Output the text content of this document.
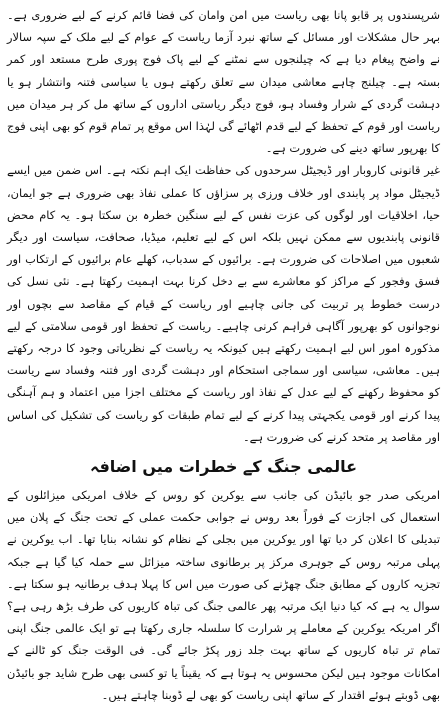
شرپسندوں پر قابو پانا بھی ریاست میں امن وامان کی فضا قائم کرنے کے لیے ضروری ہے۔ بہر حال مشکلات اور مسائل کے ساتھ نبرد آزما ریاست کے عوام کے لیے ملک کے سپہ سالار نے واضح پیغام دیا ہے کہ چیلنجوں سے نمٹنے کے لیے پاک فوج پوری طرح مستعد اور کمر بستہ ہے۔ چیلنج چاہے معاشی میدان سے تعلق رکھتے ہوں یا سیاسی فتنہ وانتشار ہو یا دہشت گردی کے شرار وفساد ہو، فوج دیگر ریاستی اداروں کے ساتھ مل کر ہر میدان میں ریاست اور قوم کے تحفظ کے لیے قدم اٹھائے گی لہٰذا اس موقع پر تمام قوم کو بھی اپنی فوج کا بھرپور ساتھ دینے کی ضرورت ہے۔

غیر قانونی کاروبار اور ڈیجیٹل سرحدوں کی حفاظت ایک اہم نکتہ ہے۔ اس ضمن میں ایسے ڈیجیٹل مواد پر پابندی اور خلاف ورزی پر سزاؤں کا عملی نفاذ بھی ضروری ہے جو ایمان، حیا، اخلاقیات اور لوگوں کی عزت نفس کے لیے سنگین خطرہ بن سکتا ہو۔ یہ کام محض قانونی پابندیوں سے ممکن نہیں بلکہ اس کے لیے تعلیم، میڈیا، صحافت، سیاست اور دیگر شعبوں میں اصلاحات کی ضرورت ہے۔ برائیوں کے سدباب، کھلے عام برائیوں کے ارتکاب اور فسق وفجور کے مراکز کو معاشرے سے بے دخل کرنا بہت اہمیت رکھتا ہے۔ نئی نسل کی درست خطوط پر تربیت کی جانی چاہیے اور ریاست کے قیام کے مقاصد سے بچوں اور نوجوانوں کو بھرپور آگاہی فراہم کرنی چاہیے۔ ریاست کے تحفظ اور قومی سلامتی کے لیے مذکورہ امور اس لیے اہمیت رکھتے ہیں کیونکہ یہ ریاست کے نظریاتی وجود کا درجہ رکھتے ہیں۔ معاشی، سیاسی اور سماجی استحکام اور دہشت گردی اور فتنہ وفساد سے ریاست کو محفوظ رکھنے کے لیے عدل کے نفاذ اور ریاست کے مختلف اجزا میں اعتماد و ہم آہنگی پیدا کرنے اور قومی یکجہتی پیدا کرنے کے لیے تمام طبقات کو ریاست کی تشکیل کی اساس اور مقاصد پر متحد کرنے کی ضرورت ہے۔

عالمی جنگ کے خطرات میں اضافہ

امریکی صدر جو بائیڈن کی جانب سے یوکرین کو روس کے خلاف امریکی میزائلوں کے استعمال کی اجازت کے فوراً بعد روس نے جوابی حکمت عملی کے تحت جنگ کے پلان میں تبدیلی کا اعلان کر دیا تھا اور یوکرین میں بجلی کے نظام کو نشانہ بنایا تھا۔ اب یوکرین نے پہلی مرتبہ روس کے جوہری مرکز پر برطانوی ساختہ میزائل سے حملہ کیا گیا ہے جبکہ تجزیہ کاروں کے مطابق جنگ چھڑنے کی صورت میں اس کا پہلا ہدف برطانیہ ہو سکتا ہے۔ سوال یہ ہے کہ کیا دنیا ایک مرتبہ پھر عالمی جنگ کی تباہ کاریوں کی طرف بڑھ رہی ہے؟ اگر امریکہ یوکرین کے معاملے پر شرارت کا سلسلہ جاری رکھتا ہے تو ایک عالمی جنگ اپنی تمام تر تباہ کاریوں کے ساتھ بہت جلد زور پکڑ جائے گی۔ فی الوقت جنگ کو ٹالنے کے امکانات موجود ہیں لیکن محسوس یہ ہوتا ہے کہ یقیناً یا تو کسی بھی طرح شاید جو بائیڈن بھی ڈوبتے ہوئے اقتدار کے ساتھ اپنی ریاست کو بھی لے ڈوبنا چاہتے ہیں۔
